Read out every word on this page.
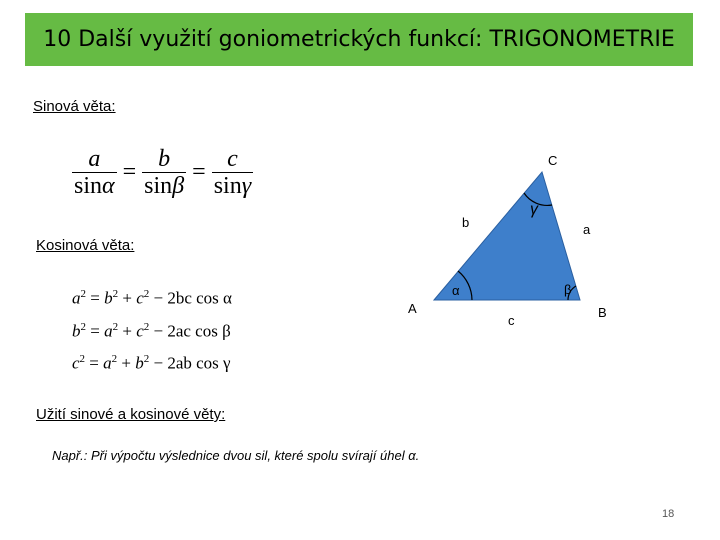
10 Další využití goniometrických funkcí: TRIGONOMETRIE
Sinová věta:
$\frac{a}{\sin\alpha} = \frac{b}{\sin\beta} = \frac{c}{\sin\gamma}$
Kosinová věta:
$a^2 = b^2 + c^2 - 2bc$ cos α
$b^2 = a^2 + c^2 - 2ac$ cos β
$c^2 = a^2 + b^2 - 2ab$ cos γ
C
A	B
b	a
c
α	β
γ
Užití sinové a kosinové věty:
Např.: Při výpočtu výslednice dvou sil, které spolu svírají úhel α.
18
